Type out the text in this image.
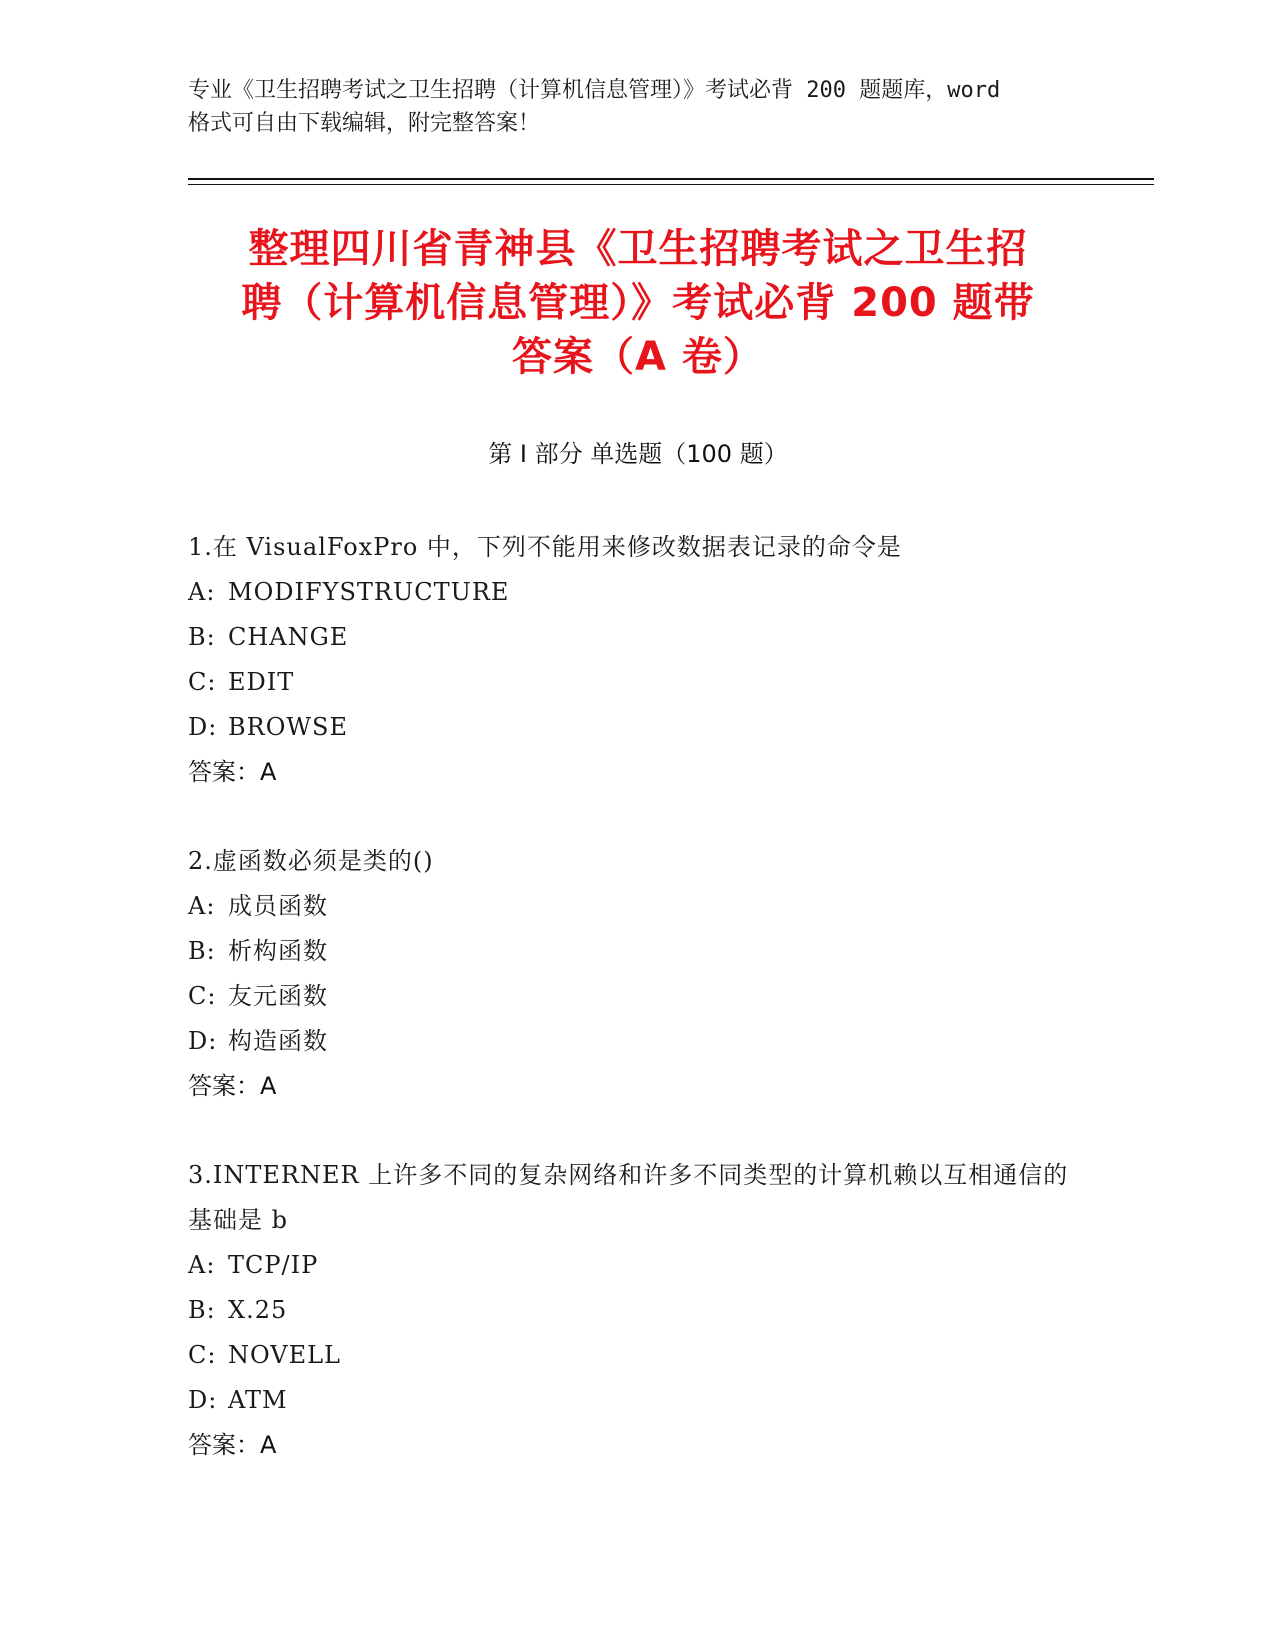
专业《卫生招聘考试之卫生招聘（计算机信息管理）》考试必背 200 题题库，word
格式可自由下载编辑，附完整答案！
整理四川省青神县《卫生招聘考试之卫生招
聘（计算机信息管理）》考试必背 200 题带
答案（A 卷）
第 I 部分 单选题（100 题）
1.在 VisualFoxPro 中，下列不能用来修改数据表记录的命令是
A: MODIFYSTRUCTURE
B: CHANGE
C: EDIT
D: BROWSE
答案：A
2.虚函数必须是类的()
A: 成员函数
B: 析构函数
C: 友元函数
D: 构造函数
答案：A
3.INTERNER 上许多不同的复杂网络和许多不同类型的计算机赖以互相通信的基础是 b
A: TCP/IP
B: X.25
C: NOVELL
D: ATM
答案：A
